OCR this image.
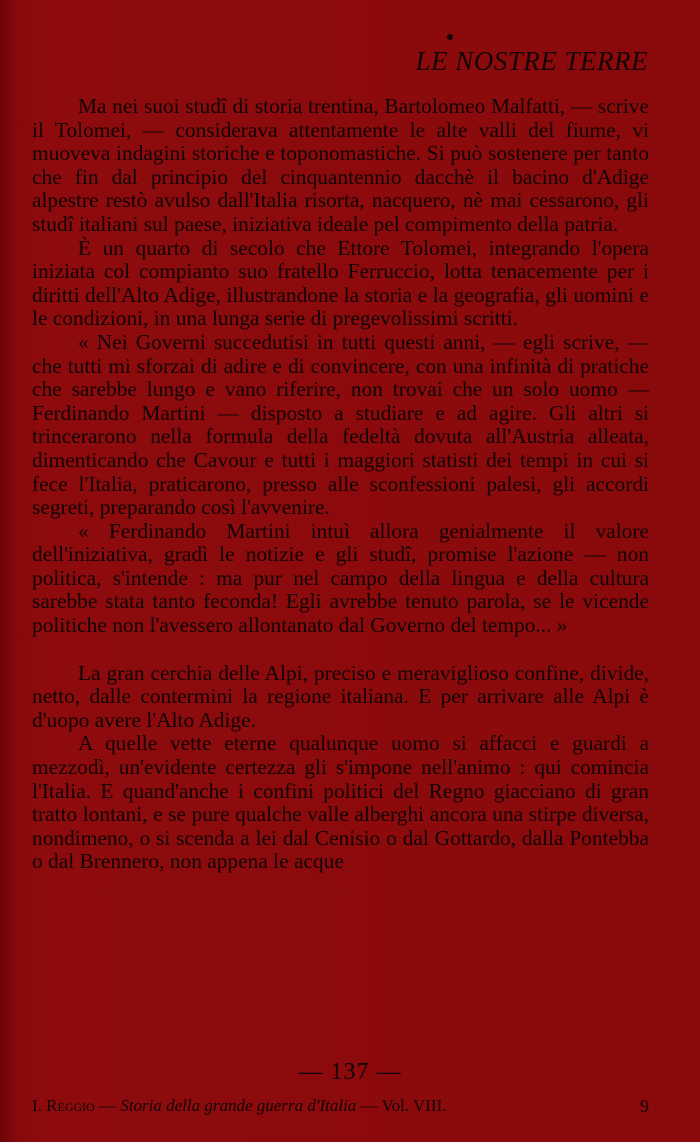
LE NOSTRE TERRE

Ma nei suoi studî di storia trentina, Bartolomeo Malfatti, — scrive il Tolomei, — considerava attentamente le alte valli del fiume, vi muoveva indagini storiche e toponomastiche. Si può sostenere per tanto che fin dal principio del cinquantennio dacchè il bacino d'Adige alpestre restò avulso dall'Italia risorta, nacquero, nè mai cessarono, gli studî italiani sul paese, iniziativa ideale pel compimento della patria.

È un quarto di secolo che Ettore Tolomei, integrando l'opera iniziata col compianto suo fratello Ferruccio, lotta tenacemente per i diritti dell'Alto Adige, illustrandone la storia e la geografia, gli uomini e le condizioni, in una lunga serie di pregevolissimi scritti.

« Nei Governi succedutisi in tutti questi anni, — egli scrive, — che tutti mi sforzai di adire e di convincere, con una infinità di pratiche che sarebbe lungo e vano riferire, non trovai che un solo uomo — Ferdinando Martini — disposto a studiare e ad agire. Gli altri si trincerarono nella formula della fedeltà dovuta all'Austria alleata, dimenticando che Cavour e tutti i maggiori statisti dei tempi in cui si fece l'Italia, praticarono, presso alle sconfessioni palesi, gli accordi segreti, preparando così l'avvenire.

« Ferdinando Martini intuì allora genialmente il valore dell'iniziativa, gradì le notizie e gli studî, promise l'azione — non politica, s'intende : ma pur nel campo della lingua e della cultura sarebbe stata tanto feconda! Egli avrebbe tenuto parola, se le vicende politiche non l'avessero allontanato dal Governo del tempo... »

La gran cerchia delle Alpi, preciso e meraviglioso confine, divide, netto, dalle contermini la regione italiana. E per arrivare alle Alpi è d'uopo avere l'Alto Adige.

A quelle vette eterne qualunque uomo si affacci e guardi a mezzodì, un'evidente certezza gli s'impone nell'animo : qui comincia l'Italia. E quand'anche i confini politici del Regno giacciano di gran tratto lontani, e se pure qualche valle alberghi ancora una stirpe diversa, nondimeno, o si scenda a lei dal Cenisio o dal Gottardo, dalla Pontebba o dal Brennero, non appena le acque

— 137 —
I. Reggio — Storia della grande guerra d'Italia — Vol. VIII.	9
